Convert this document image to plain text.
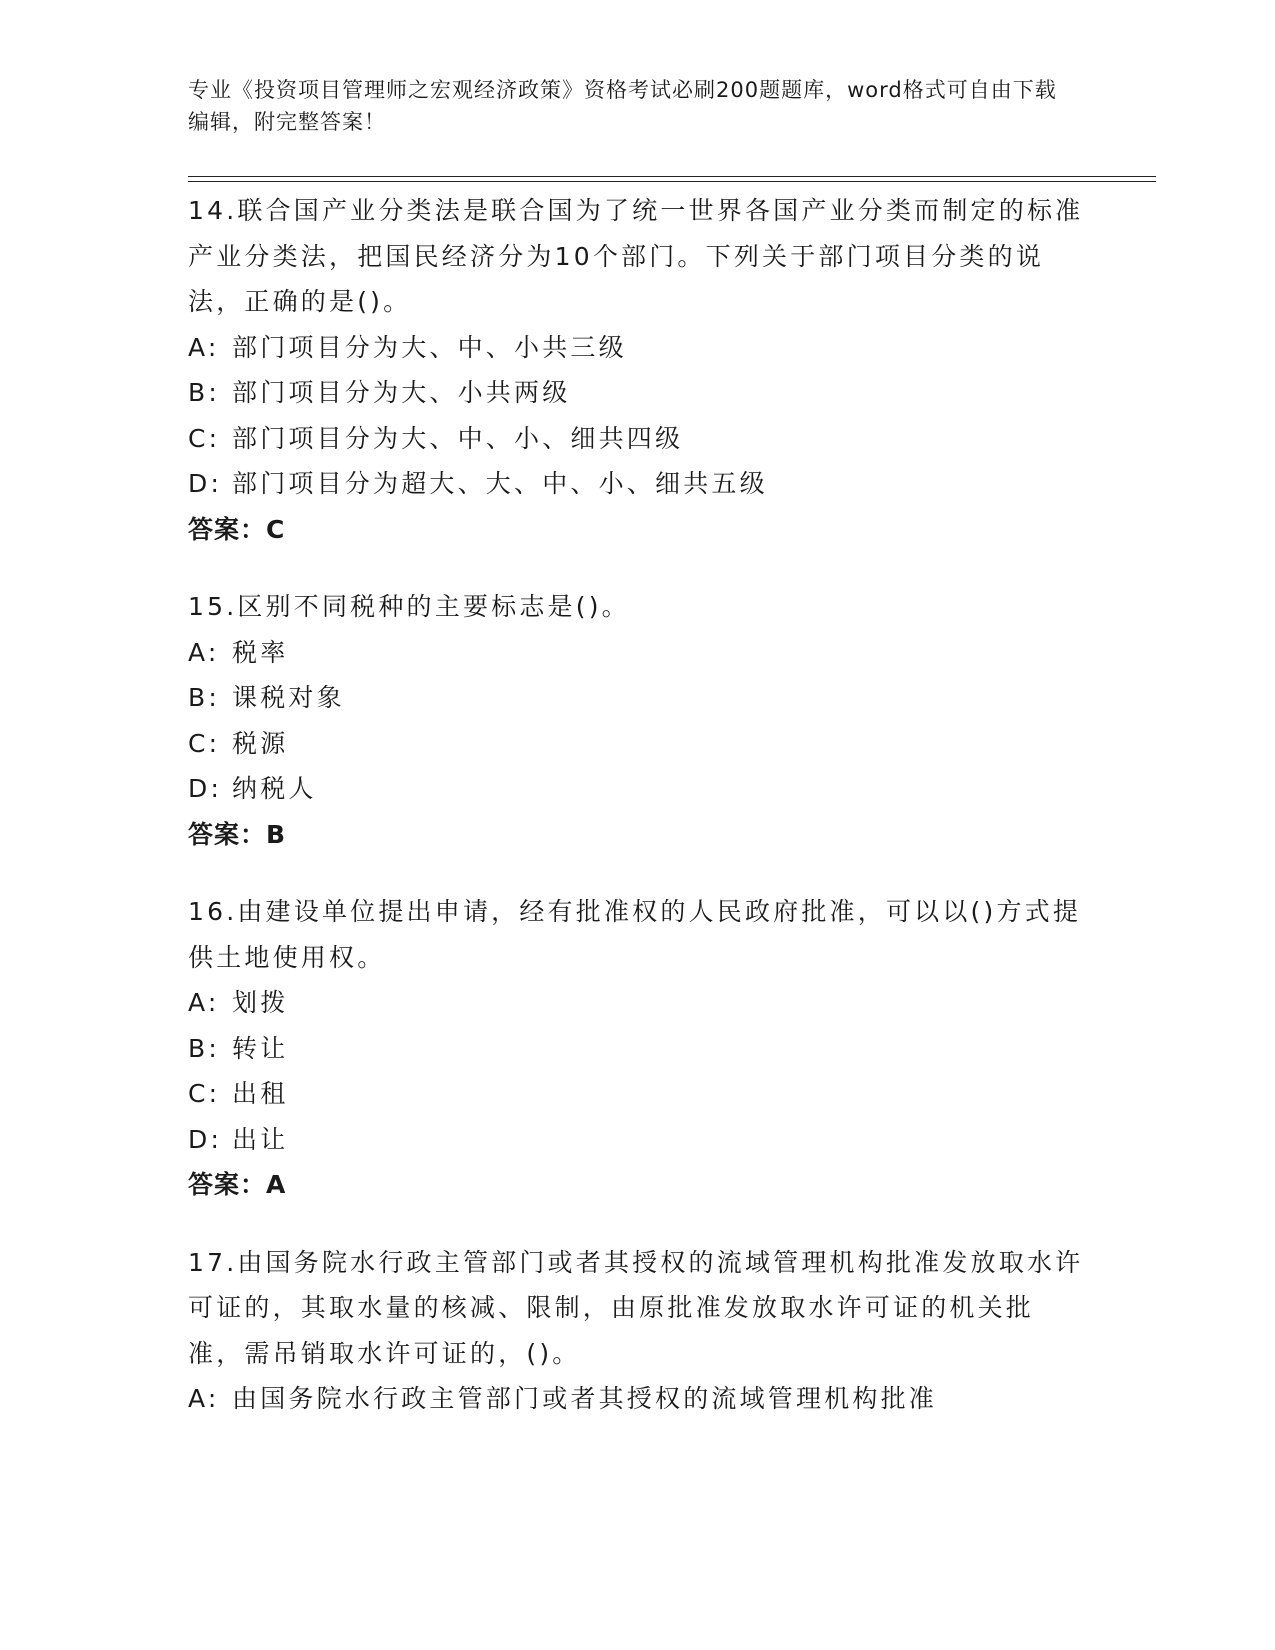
专业《投资项目管理师之宏观经济政策》资格考试必刷200题题库，word格式可自由下载编辑，附完整答案！

14.联合国产业分类法是联合国为了统一世界各国产业分类而制定的标准产业分类法，把国民经济分为10个部门。下列关于部门项目分类的说法，正确的是()。

A: 部门项目分为大、中、小共三级

B: 部门项目分为大、小共两级

C: 部门项目分为大、中、小、细共四级

D: 部门项目分为超大、大、中、小、细共五级

答案：C

15.区别不同税种的主要标志是()。

A: 税率

B: 课税对象

C: 税源

D: 纳税人

答案：B

16.由建设单位提出申请，经有批准权的人民政府批准，可以以()方式提供土地使用权。

A: 划拨

B: 转让

C: 出租

D: 出让

答案：A

17.由国务院水行政主管部门或者其授权的流域管理机构批准发放取水许可证的，其取水量的核减、限制，由原批准发放取水许可证的机关批准，需吊销取水许可证的，()。

A: 由国务院水行政主管部门或者其授权的流域管理机构批准
